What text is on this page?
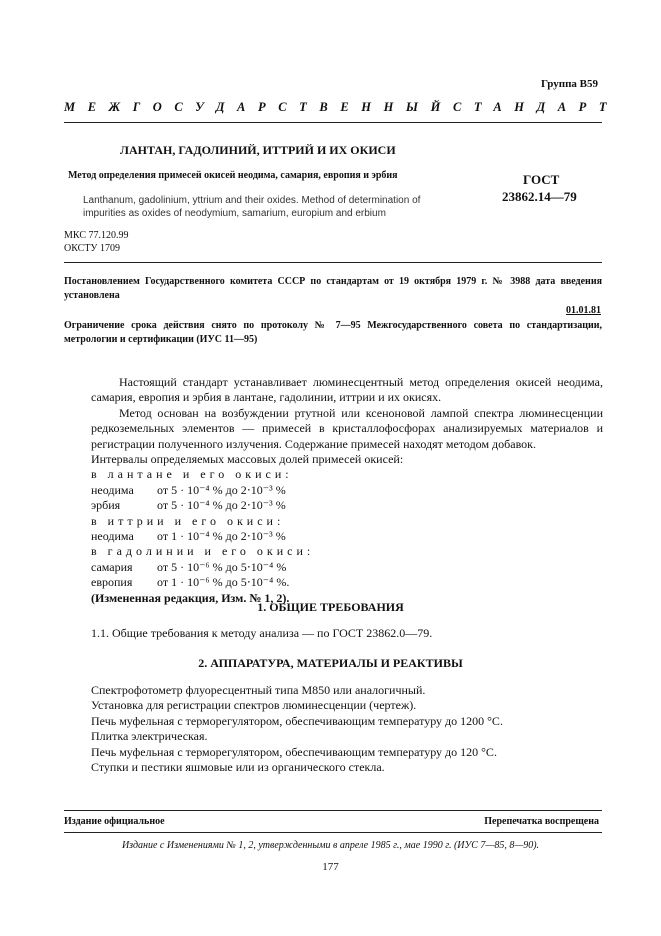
Группа В59
МЕЖГОСУДАРСТВЕННЫЙ СТАНДАРТ
ЛАНТАН, ГАДОЛИНИЙ, ИТТРИЙ И ИХ ОКИСИ
Метод определения примесей окисей неодима, самария, европия и эрбия	ГОСТ
23862.14—79
Lanthanum, gadolinium, yttrium and their oxides. Method of determination of
impurities as oxides of neodymium, samarium, europium and erbium
МКС 77.120.99
ОКСТУ 1709
Постановлением Государственного комитета СССР по стандартам от 19 октября 1979 г. № 3988 дата введения установлена
01.01.81
Ограничение срока действия снято по протоколу № 7—95 Межгосударственного совета по стандартизации, метрологии и сертификации (ИУС 11—95)
Настоящий стандарт устанавливает люминесцентный метод определения окисей неодима, самария, европия и эрбия в лантане, гадолинии, иттрии и их окисях.
Метод основан на возбуждении ртутной или ксеноновой лампой спектра люминесценции редкоземельных элементов — примесей в кристаллофосфорах анализируемых материалов и регистрации полученного излучения. Содержание примесей находят методом добавок.
Интервалы определяемых массовых долей примесей окисей:
в лантане и его окиси:
неодима от 5 · 10⁻⁴ % до 2⋅10⁻³ %
эрбия	от 5 · 10⁻⁴ % до 2⋅10⁻³ %
в иттрии и его окиси:
неодима от 1 · 10⁻⁴ % до 2⋅10⁻³ %
в гадолинии и его окиси:
самария от 5 · 10⁻⁶ % до 5⋅10⁻⁴ %
европия от 1 · 10⁻⁶ % до 5⋅10⁻⁴ %.
(Измененная редакция, Изм. № 1, 2).
1. ОБЩИЕ ТРЕБОВАНИЯ
1.1. Общие требования к методу анализа — по ГОСТ 23862.0—79.
2. АППАРАТУРА, МАТЕРИАЛЫ И РЕАКТИВЫ
Спектрофотометр флуоресцентный типа М850 или аналогичный.
Установка для регистрации спектров люминесценции (чертеж).
Печь муфельная с терморегулятором, обеспечивающим температуру до 1200 °С.
Плитка электрическая.
Печь муфельная с терморегулятором, обеспечивающим температуру до 120 °С.
Ступки и пестики яшмовые или из органического стекла.
Издание официальное	Перепечатка воспрещена
Издание с Изменениями № 1, 2, утвержденными в апреле 1985 г., мае 1990 г. (ИУС 7—85, 8—90).
177
